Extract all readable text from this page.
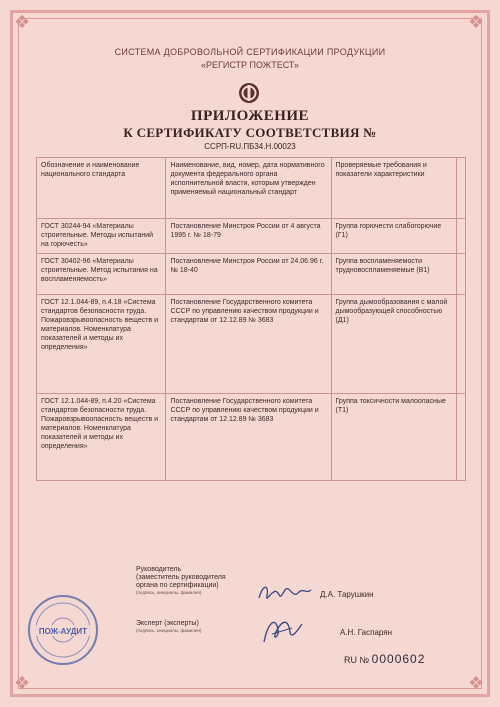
❖	❖
❖	❖
СИСТЕМА ДОБРОВОЛЬНОЙ СЕРТИФИКАЦИИ ПРОДУКЦИИ
«РЕГИСТР ПОЖТЕСТ»
ПРИЛОЖЕНИЕ
К СЕРТИФИКАТУ СООТВЕТСТВИЯ №
ССРП-RU.ПБ34.Н.00023
Обозначение и наименование национального стандарта	Наименование, вид, номер, дата нормативного документа федерального органа исполнительной власти, которым утвержден применяемый национальный стандарт	Проверяемые требования и показатели характеристики	
ГОСТ 30244-94 «Материалы строительные. Методы испытаний на горючесть»	Постановление Минстроя России от 4 августа 1995 г. № 18-79	Группа горючести слабогорючие (Г1)	
ГОСТ 30402-96 «Материалы строительные. Метод испытания на воспламеняемость»	Постановление Минстроя России от 24.06.96 г. № 18-40	Группа воспламеняемости трудновоспламеняемые (В1)	
ГОСТ 12.1.044-89, п.4.18 «Система стандартов безопасности труда. Пожаровзрывоопасность веществ и материалов. Номенклатура показателей и методы их определения»	Постановление Государственного комитета СССР по управлению качеством продукции и стандартам от 12.12.89 № 3683	Группа дымообразования с малой дымообразующей способностью (Д1)	
ГОСТ 12.1.044-89, п.4.20 «Система стандартов безопасности труда. Пожаровзрывоопасность веществ и материалов. Номенклатура показателей и методы их определения»	Постановление Государственного комитета СССР по управлению качеством продукции и стандартам от 12.12.89 № 3683	Группа токсичности малоопасные (Т1)	
Руководитель
(заместитель руководителя
органа по сертификации)
(подпись, инициалы, фамилия)	Д.А. Тарушкин
Эксперт (эксперты)
(подпись, инициалы, фамилия)	А.Н. Гаспарян
ПОЖ-АУДИТ
RU № 0000602
